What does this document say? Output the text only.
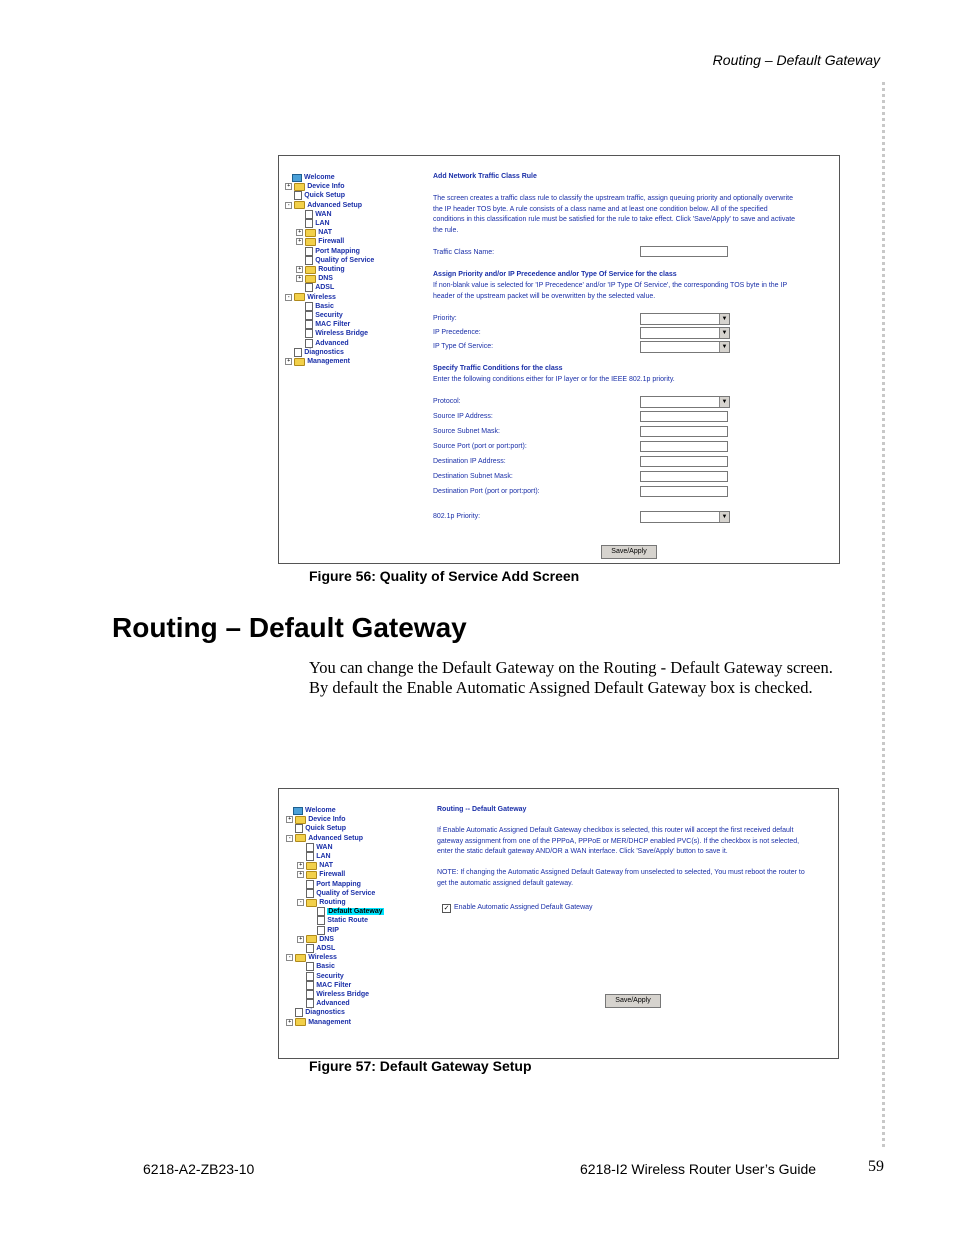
Routing – Default Gateway
Welcome
+ Device Info
Quick Setup
-	Advanced Setup
WAN
LAN
+ NAT
+ Firewall
Port Mapping
Quality of Service
+ Routing
+ DNS
ADSL
-	Wireless
Basic
Security
MAC Filter
Wireless Bridge
Advanced
Diagnostics
+ Management
Add Network Traffic Class Rule
The screen creates a traffic class rule to classify the upstream traffic, assign queuing priority and optionally overwrite
the IP header TOS byte. A rule consists of a class name and at least one condition below. All of the specified
conditions in this classification rule must be satisfied for the rule to take effect. Click 'Save/Apply' to save and activate
the rule.
Traffic Class Name:
Assign Priority and/or IP Precedence and/or Type Of Service for the class
If non-blank value is selected for 'IP Precedence' and/or 'IP Type Of Service', the corresponding TOS byte in the IP
header of the upstream packet will be overwritten by the selected value.
Priority:	▼
IP Precedence:	▼
IP Type Of Service:	▼
Specify Traffic Conditions for the class
Enter the following conditions either for IP layer or for the IEEE 802.1p priority.
Protocol:	▼
Source IP Address:
Source Subnet Mask:
Source Port (port or port:port):
Destination IP Address:
Destination Subnet Mask:
Destination Port (port or port:port):
802.1p Priority:	▼
Save/Apply
Figure 56: Quality of Service Add Screen
Routing – Default Gateway
You can change the Default Gateway on the Routing - Default Gateway screen. By default the Enable Automatic Assigned Default Gateway box is checked.
Welcome
+ Device Info
Quick Setup
-	Advanced Setup
WAN
LAN
+ NAT
+ Firewall
Port Mapping
Quality of Service
-	Routing
Default Gateway
Static Route
RIP
+ DNS
ADSL
-	Wireless
Basic
Security
MAC Filter
Wireless Bridge
Advanced
Diagnostics
+ Management
Routing -- Default Gateway
If Enable Automatic Assigned Default Gateway checkbox is selected, this router will accept the first received default
gateway assignment from one of the PPPoA, PPPoE or MER/DHCP enabled PVC(s). If the checkbox is not selected,
enter the static default gateway AND/OR a WAN interface. Click 'Save/Apply' button to save it.
NOTE: If changing the Automatic Assigned Default Gateway from unselected to selected, You must reboot the router to
get the automatic assigned default gateway.
✓ Enable Automatic Assigned Default Gateway
Save/Apply
Figure 57: Default Gateway Setup
6218-A2-ZB23-10	6218-I2 Wireless Router User’s Guide	59
